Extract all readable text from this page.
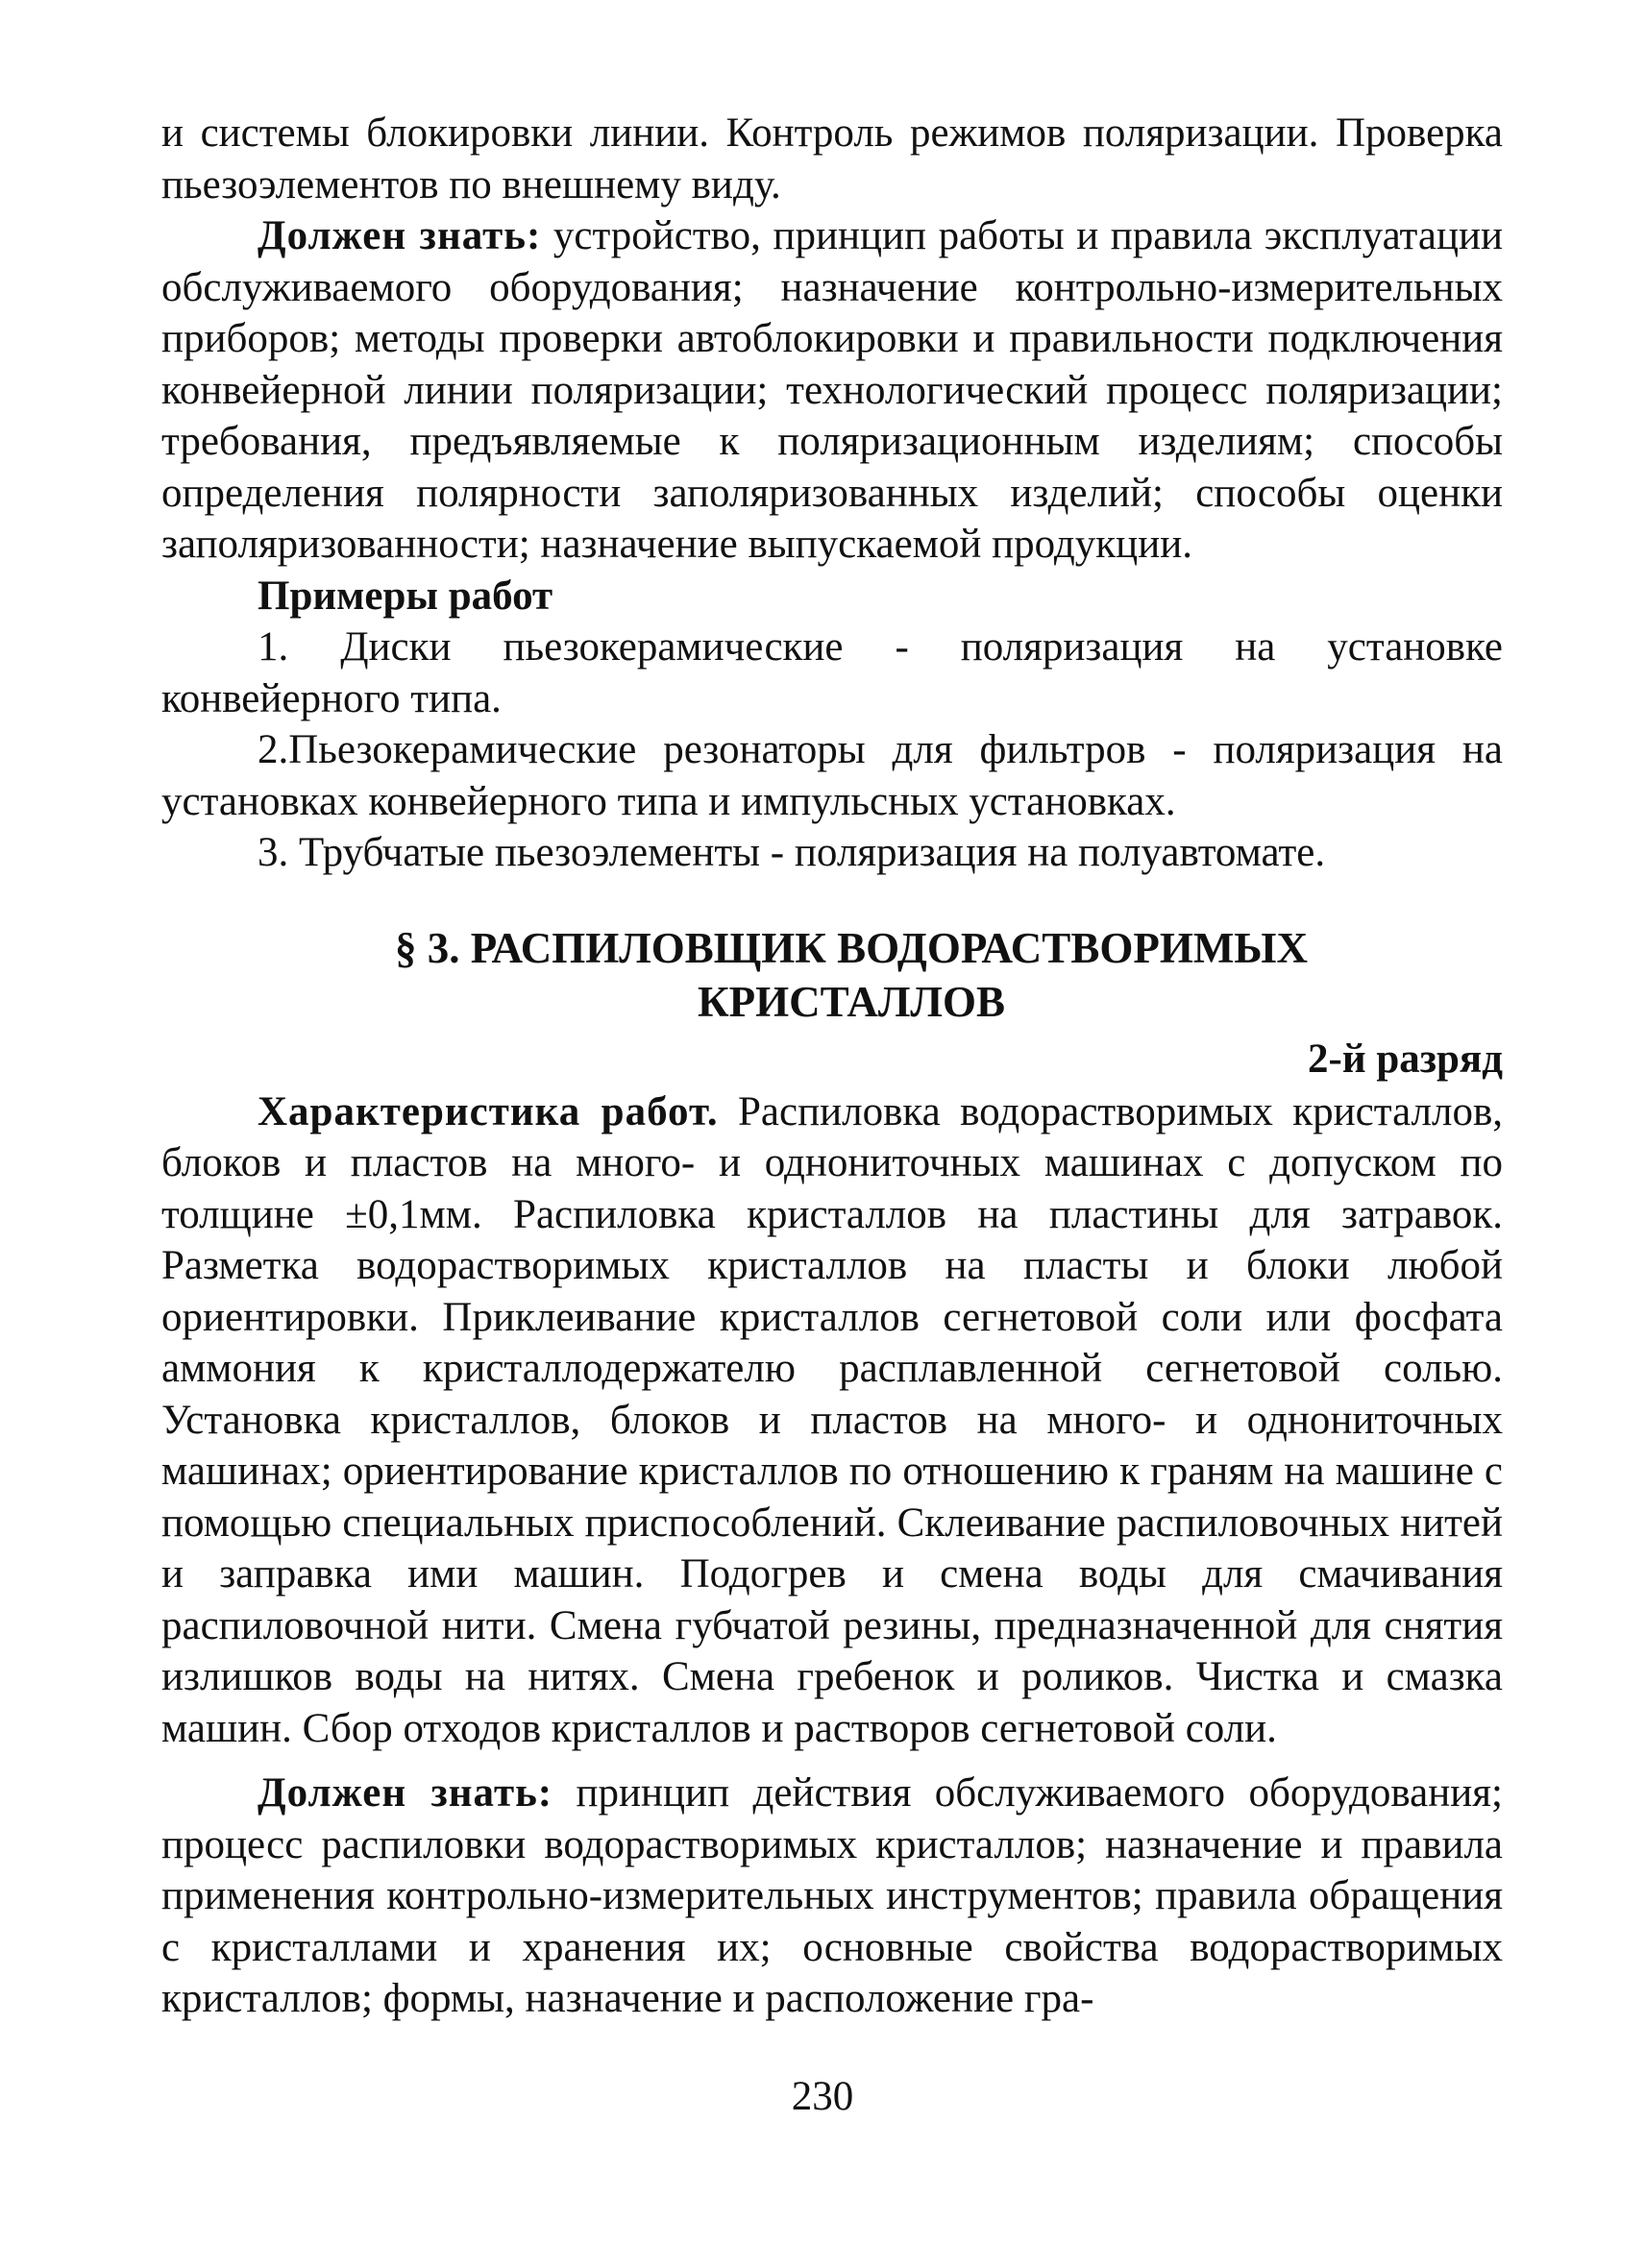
и системы блокировки линии. Контроль режимов поляризации. Проверка пьезоэлементов по внешнему виду.

Должен знать: устройство, принцип работы и правила эксплуатации обслуживаемого оборудования; назначение контрольно-измерительных приборов; методы проверки автоблокировки и правильности подключения конвейерной линии поляризации; технологический процесс поляризации; требования, предъявляемые к поляризационным изделиям; способы определения полярности заполяризованных изделий; способы оценки заполяризованности; назначение выпускаемой продукции.

Примеры работ

1. Диски пьезокерамические - поляризация на установке конвейерного типа.

2.Пьезокерамические резонаторы для фильтров - поляризация на установках конвейерного типа и импульсных установках.

3. Трубчатые пьезоэлементы - поляризация на полуавтомате.

§ 3. РАСПИЛОВЩИК ВОДОРАСТВОРИМЫХ
КРИСТАЛЛОВ
2-й разряд

Характеристика работ. Распиловка водорастворимых кристаллов, блоков и пластов на много- и однониточных машинах с допуском по толщине ±0,1мм. Распиловка кристаллов на пластины для затравок. Разметка водорастворимых кристаллов на пласты и блоки любой ориентировки. Приклеивание кристаллов сегнетовой соли или фосфата аммония к кристаллодержателю расплавленной сегнетовой солью. Установка кристаллов, блоков и пластов на много- и однониточных машинах; ориентирование кристаллов по отношению к граням на машине с помощью специальных приспособлений. Склеивание распиловочных нитей и заправка ими машин. Подогрев и смена воды для смачивания распиловочной нити. Смена губчатой резины, предназначенной для снятия излишков воды на нитях. Смена гребенок и роликов. Чистка и смазка машин. Сбор отходов кристаллов и растворов сегнетовой соли.

Должен знать: принцип действия обслуживаемого оборудования; процесс распиловки водорастворимых кристаллов; назначение и правила применения контрольно-измерительных инструментов; правила обращения с кристаллами и хранения их; основные свойства водорастворимых кристаллов; формы, назначение и расположение гра-

230
